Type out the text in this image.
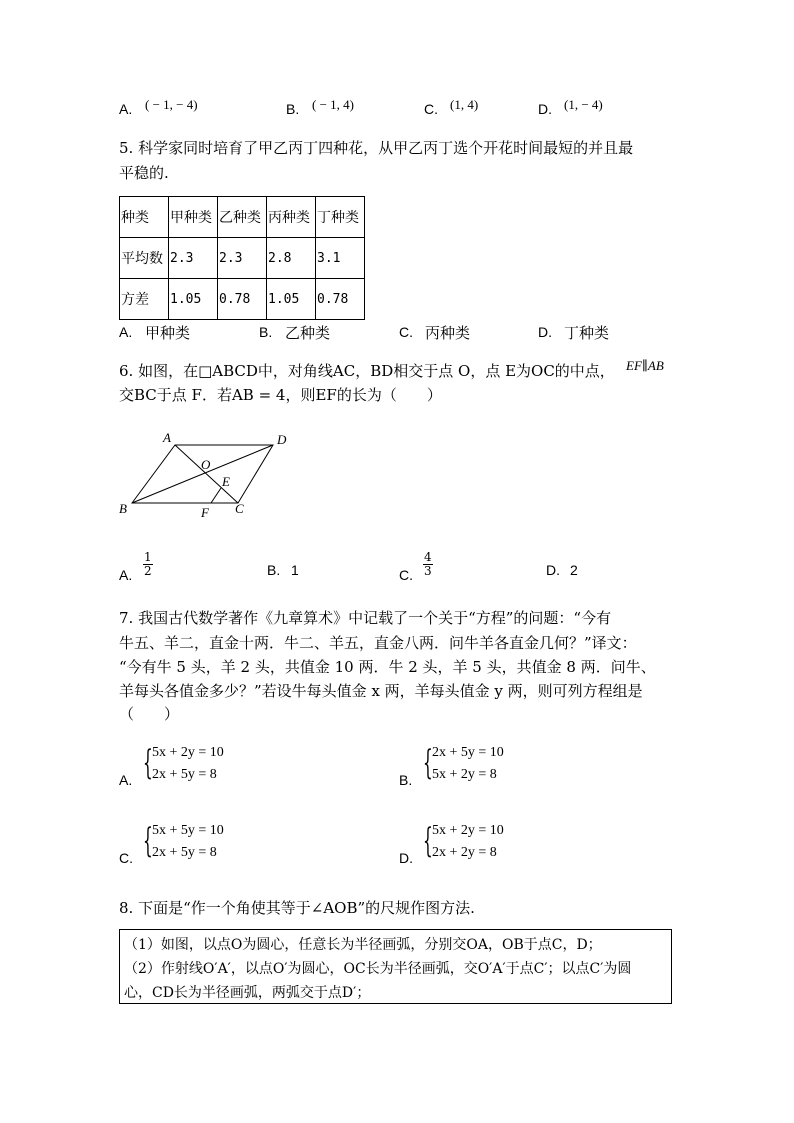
A. ( − 1, − 4)	B. ( − 1, 4)	C. (1, 4)	D. (1, − 4)
5. 科学家同时培育了甲乙丙丁四种花，从甲乙丙丁选个开花时间最短的并且最
平稳的.
种类	甲种类	乙种类	丙种类	丁种类
平均数	2.3	2.3	2.8	3.1
方差	1.05	0.78	1.05	0.78
A. 甲种类	B. 乙种类	C. 丙种类	D. 丁种类
6. 如图，在□ABCD中，对角线AC，BD相交于点 O，点 E为OC的中点， EF∥AB
交BC于点 F．若AB = 4，则EF的长为（　　）
A	D
O
E
B	F C
A. $\frac{1}{2}$	B. 1	C. $\frac{4}{3}$	D. 2
7. 我国古代数学著作《九章算术》中记载了一个关于“方程”的问题：“今有
牛五、羊二，直金十两．牛二、羊五，直金八两．问牛羊各直金几何？”译文：
“今有牛 5 头，羊 2 头，共值金 10 两．牛 2 头，羊 5 头，共值金 8 两．问牛、
羊每头各值金多少？”若设牛每头值金 x 两，羊每头值金 y 两，则可列方程组是
（　　）
A. { 5x + 2y = 10
2x + 5y = 8	B. { 2x + 5y = 10
5x + 2y = 8
C. { 5x + 5y = 10
2x + 5y = 8	D. { 5x + 2y = 10
2x + 2y = 8
8. 下面是“作一个角使其等于∠AOB”的尺规作图方法.
（1）如图，以点O为圆心，任意长为半径画弧，分别交OA，OB于点C，D；
（2）作射线O′A′，以点O′为圆心，OC长为半径画弧，交O′A′于点C′；以点C′为圆
心，CD长为半径画弧，两弧交于点D′；
